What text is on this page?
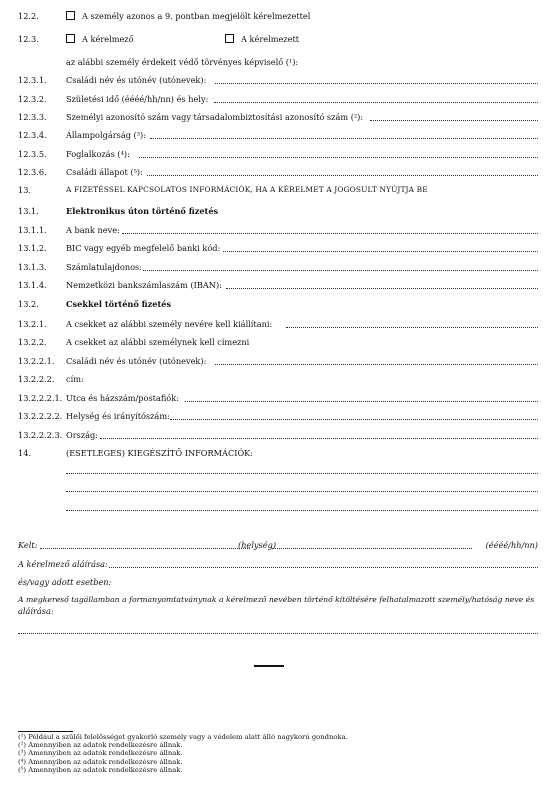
12.2.	A személy azonos a 9. pontban megjelölt kérelmezettel
12.3.	A kérelmező	A kérelmezett
az alábbi személy érdekeit védő törvényes képviselő (¹):
12.3.1. Családi név és utónév (utónevek):
12.3.2. Születési idő (éééé/hh/nn) és hely:
12.3.3. Személyi azonosító szám vagy társadalombiztosítási azonosító szám (²):
12.3.4. Állampolgárság (³):
12.3.5. Foglalkozás (⁴):
12.3.6. Családi állapot (⁵):
13.	A FIZETÉSSEL KAPCSOLATOS INFORMÁCIÓK, HA A KÉRELMET A JOGOSULT NYÚJTJA BE
13.1.	Elektronikus úton történő fizetés
13.1.1. A bank neve:
13.1.2. BIC vagy egyéb megfelelő banki kód:
13.1.3. Számlatulajdonos:
13.1.4. Nemzetközi bankszámlaszám (IBAN):
13.2.	Csekkel történő fizetés
13.2.1. A csekket az alábbi személy nevére kell kiállítani:
13.2.2. A csekket az alábbi személynek kell címezni
13.2.2.1. Családi név és utónév (utónevek):
13.2.2.2. cím:
13.2.2.2.1. Utca és házszám/postafiók:
13.2.2.2.2. Helység és irányítószám:
13.2.2.2.3. Ország:
14.	(ESETLEGES) KIEGÉSZÍTŐ INFORMÁCIÓK:
Kelt:	(helység)	(éééé/hh/nn)
A kérelmező aláírása:
és/vagy adott esetben:
A megkereső tagállamban a formanyomtatványnak a kérelmező nevében történő kitöltésére felhatalmazott személy/hatóság neve és
aláírása:
(¹) Például a szülői felelősséget gyakorló személy vagy a védelem alatt álló nagykorú gondnoka.
(²) Amennyiben az adatok rendelkezésre állnak.
(³) Amennyiben az adatok rendelkezésre állnak.
(⁴) Amennyiben az adatok rendelkezésre állnak.
(⁵) Amennyiben az adatok rendelkezésre állnak.
